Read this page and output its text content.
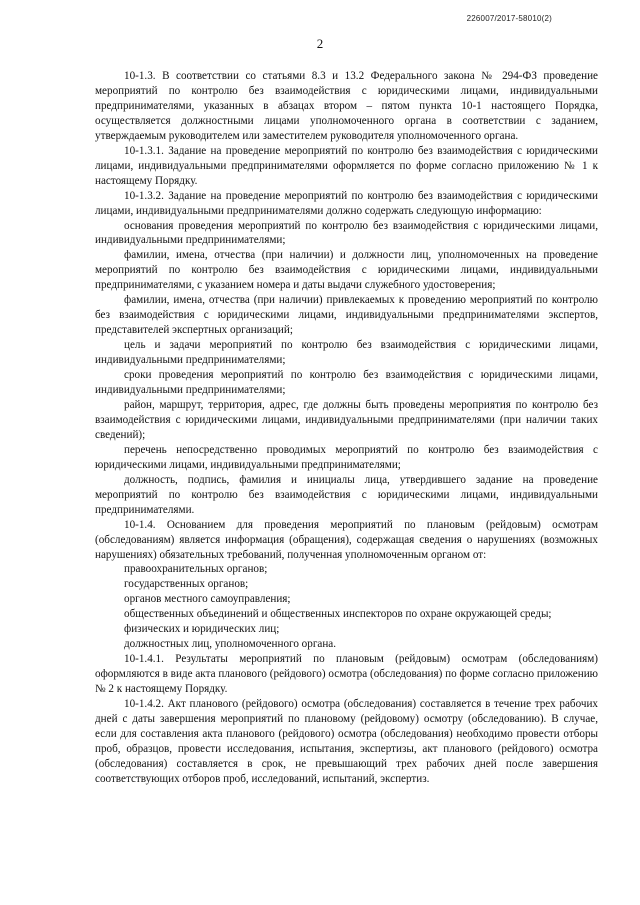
226007/2017-58010(2)
2

10-1.3. В соответствии со статьями 8.3 и 13.2 Федерального закона № 294-ФЗ проведение мероприятий по контролю без взаимодействия с юридическими лицами, индивидуальными предпринимателями, указанных в абзацах втором – пятом пункта 10-1 настоящего Порядка, осуществляется должностными лицами уполномоченного органа в соответствии с заданием, утверждаемым руководителем или заместителем руководителя уполномоченного органа.

10-1.3.1. Задание на проведение мероприятий по контролю без взаимодействия с юридическими лицами, индивидуальными предпринимателями оформляется по форме согласно приложению № 1 к настоящему Порядку.

10-1.3.2. Задание на проведение мероприятий по контролю без взаимодействия с юридическими лицами, индивидуальными предпринимателями должно содержать следующую информацию:

основания проведения мероприятий по контролю без взаимодействия с юридическими лицами, индивидуальными предпринимателями;

фамилии, имена, отчества (при наличии) и должности лиц, уполномоченных на проведение мероприятий по контролю без взаимодействия с юридическими лицами, индивидуальными предпринимателями, с указанием номера и даты выдачи служебного удостоверения;

фамилии, имена, отчества (при наличии) привлекаемых к проведению мероприятий по контролю без взаимодействия с юридическими лицами, индивидуальными предпринимателями экспертов, представителей экспертных организаций;

цель и задачи мероприятий по контролю без взаимодействия с юридическими лицами, индивидуальными предпринимателями;

сроки проведения мероприятий по контролю без взаимодействия с юридическими лицами, индивидуальными предпринимателями;

район, маршрут, территория, адрес, где должны быть проведены мероприятия по контролю без взаимодействия с юридическими лицами, индивидуальными предпринимателями (при наличии таких сведений);

перечень непосредственно проводимых мероприятий по контролю без взаимодействия с юридическими лицами, индивидуальными предпринимателями;

должность, подпись, фамилия и инициалы лица, утвердившего задание на проведение мероприятий по контролю без взаимодействия с юридическими лицами, индивидуальными предпринимателями.

10-1.4. Основанием для проведения мероприятий по плановым (рейдовым) осмотрам (обследованиям) является информация (обращения), содержащая сведения о нарушениях (возможных нарушениях) обязательных требований, полученная уполномоченным органом от:

правоохранительных органов;

государственных органов;

органов местного самоуправления;

общественных объединений и общественных инспекторов по охране окружающей среды;

физических и юридических лиц;

должностных лиц, уполномоченного органа.

10-1.4.1. Результаты мероприятий по плановым (рейдовым) осмотрам (обследованиям) оформляются в виде акта планового (рейдового) осмотра (обследования) по форме согласно приложению № 2 к настоящему Порядку.

10-1.4.2. Акт планового (рейдового) осмотра (обследования) составляется в течение трех рабочих дней с даты завершения мероприятий по плановому (рейдовому) осмотру (обследованию). В случае, если для составления акта планового (рейдового) осмотра (обследования) необходимо провести отборы проб, образцов, провести исследования, испытания, экспертизы, акт планового (рейдового) осмотра (обследования) составляется в срок, не превышающий трех рабочих дней после завершения соответствующих отборов проб, исследований, испытаний, экспертиз.
